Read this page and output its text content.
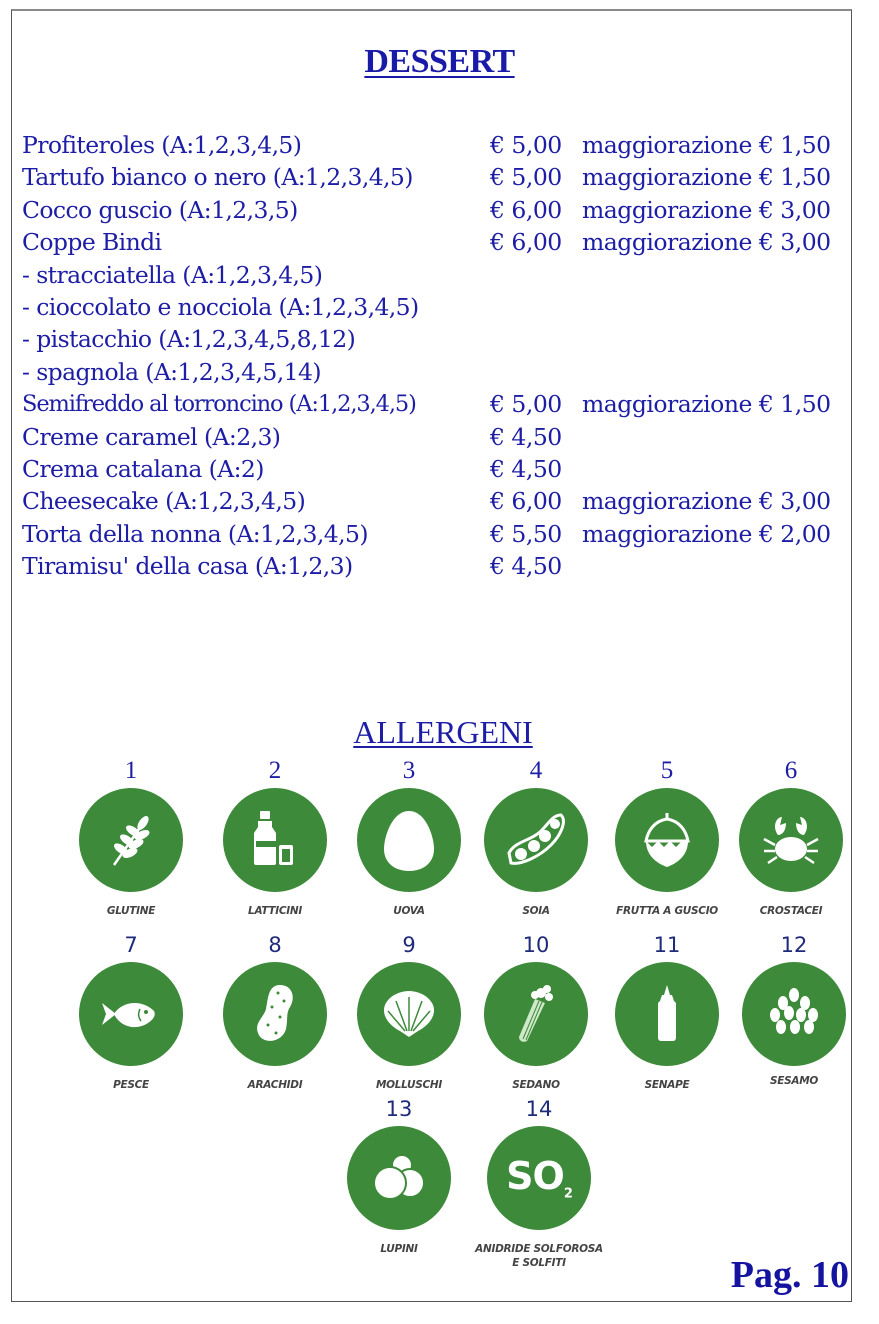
DESSERT
Profiteroles (A:1,2,3,4,5)	€ 5,00 maggiorazione € 1,50
Tartufo bianco o nero (A:1,2,3,4,5)	€ 5,00 maggiorazione € 1,50
Cocco guscio (A:1,2,3,5)	€ 6,00 maggiorazione € 3,00
Coppe Bindi	€ 6,00 maggiorazione € 3,00
- stracciatella (A:1,2,3,4,5)
- cioccolato e nocciola (A:1,2,3,4,5)
- pistacchio (A:1,2,3,4,5,8,12)
- spagnola (A:1,2,3,4,5,14)
Semifreddo al torroncino (A:1,2,3,4,5)	€ 5,00 maggiorazione € 1,50
Creme caramel (A:2,3)	€ 4,50
Crema catalana (A:2)	€ 4,50
Cheesecake (A:1,2,3,4,5)	€ 6,00 maggiorazione € 3,00
Torta della nonna (A:1,2,3,4,5)	€ 5,50 maggiorazione € 2,00
Tiramisu' della casa (A:1,2,3)	€ 4,50
ALLERGENI
1
GLUTINE
2
LATTICINI
3
UOVA
4
SOIA
5
FRUTTA A GUSCIO
6
CROSTACEI
7
PESCE
8
ARACHIDI
9
MOLLUSCHI
10
SEDANO
11
SENAPE
12
SESAMO
13
LUPINI
14
$SO_2$
ANIDRIDE SOLFOROSA
E SOLFITI	Pag. 10
